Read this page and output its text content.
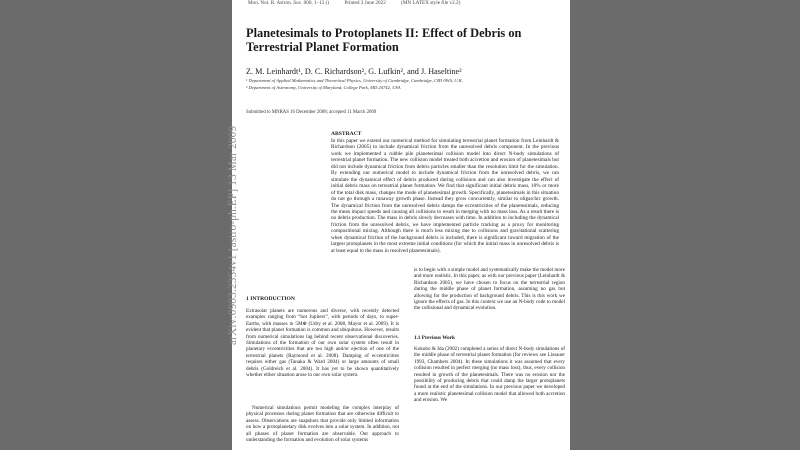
Mon. Not. R. Astron. Soc. 000, 1–13 ()	Printed 3 June 2022	(MN LATEX style file v2.2)
Planetesimals to Protoplanets II: Effect of Debris on Terrestrial Planet Formation
Z. M. Leinhardt¹, D. C. Richardson², G. Lufkin², and J. Haseltine²
¹ Department of Applied Mathematics and Theoretical Physics, University of Cambridge, Cambridge, CB3 0WA, U.K.
² Department of Astronomy, University of Maryland, College Park, MD 20742, USA
Submitted to MNRAS 16 December 2008; accepted 11 March 2009
ABSTRACT

In this paper we extend our numerical method for simulating terrestrial planet formation from Leinhardt & Richardson (2005) to include dynamical friction from the unresolved debris component. In the previous work we implemented a rubble pile planetesimal collision model into direct N-body simulations of terrestrial planet formation. The new collision model treated both accretion and erosion of planetesimals but did not include dynamical friction from debris particles smaller than the resolution limit for the simulation. By extending our numerical model to include dynamical friction from the unresolved debris, we can simulate the dynamical effect of debris produced during collisions and can also investigate the effect of initial debris mass on terrestrial planet formation. We find that significant initial debris mass, 10% or more of the total disk mass, changes the mode of planetesimal growth. Specifically, planetesimals in this situation do not go through a runaway growth phase. Instead they grow concurrently, similar to oligarchic growth. The dynamical friction from the unresolved debris damps the eccentricities of the planetesimals, reducing the mean impact speeds and causing all collisions to result in merging with no mass loss. As a result there is no debris production. The mass in debris slowly decreases with time. In addition to including the dynamical friction from the unresolved debris, we have implemented particle tracking as a proxy for monitoring compositional mixing. Although there is much less mixing due to collisions and gravitational scattering when dynamical friction of the background debris is included, there is significant inward migration of the largest protoplanets in the most extreme initial conditions (for which the initial mass in unresolved debris is at least equal to the mass in resolved planetesimals).

1 INTRODUCTION

Extrasolar planets are numerous and diverse, with recently detected examples ranging from “hot Jupiters”, with periods of days, to super-Earths, with masses ≳ 5M⊕ (Udry et al. 2008, Mayor et al. 2009). It is evident that planet formation is common and ubiquitous. However, results from numerical simulations lag behind recent observational discoveries. Simulations of the formation of our own solar system often result in planetary eccentricities that are too high and/or ejection of one of the terrestrial planets (Raymond et al. 2008). Damping of eccentricities requires either gas (Tanaka & Ward 2004) or large amounts of small debris (Goldreich et al. 2004). It has yet to be shown quantitatively whether either situation arose in our own solar system.

Numerical simulations permit modeling the complex interplay of physical processes during planet formation that are otherwise difficult to assess. Observations are snapshots that provide only limited information on how a protoplanetary disk evolves into a solar system. In addition, not all phases of planet formation are observable. Our approach to understanding the formation and evolution of solar systems

is to begin with a simple model and systematically make the model more and more realistic. In this paper, as with our previous paper (Leinhardt & Richardson 2005), we have chosen to focus on the terrestrial region during the middle phase of planet formation, assuming no gas but allowing for the production of background debris. This is this work we ignore the effects of gas. In this context we use an N-body code to model the collisional and dynamical evolution.

1.1 Previous Work

Kokubo & Ida (2002) completed a series of direct N-body simulations of the middle phase of terrestrial planet formation (for reviews see Lissauer 1993, Chambers 2004). In these simulations it was assumed that every collision resulted in perfect merging (no mass loss), thus, every collision resulted in growth of the planetesimals. There was no erosion nor the possibility of producing debris that could damp the larger protoplanets found at the end of the simulations. In our previous paper we developed a more realistic planetesimal collision model that allowed both accretion and erosion. We

arXiv:0903.2354v1 [astro-ph.EP] 13 Mar 2009
